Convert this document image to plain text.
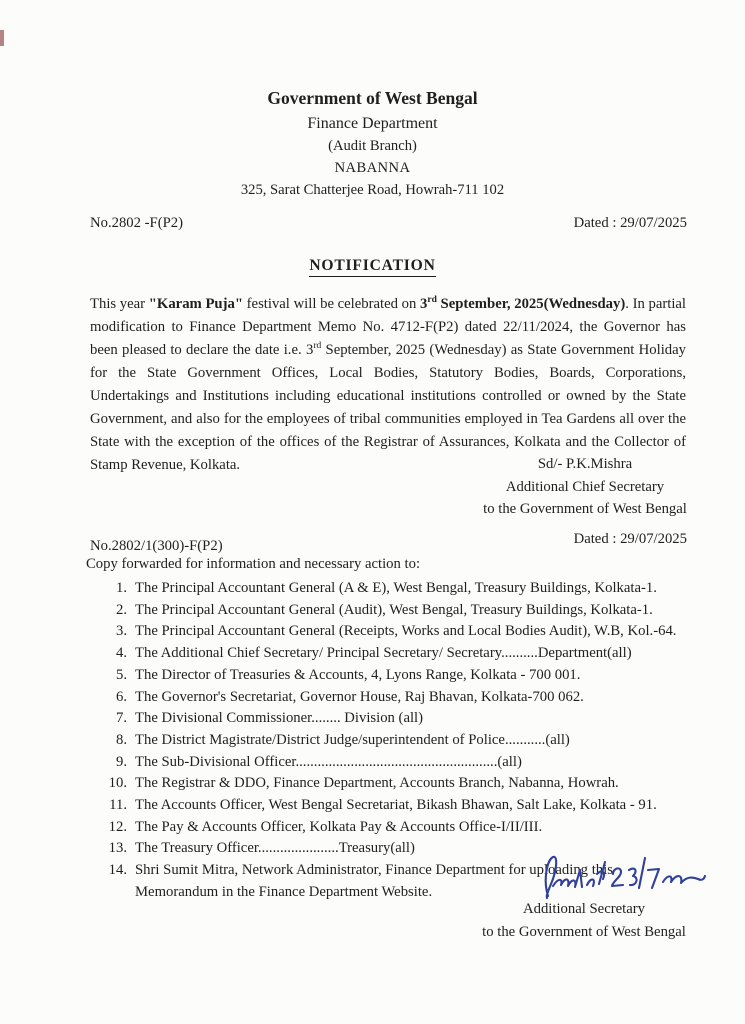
Government of West Bengal
Finance Department
(Audit Branch)
NABANNA
325, Sarat Chatterjee Road, Howrah-711 102
No.2802 -F(P2)	Dated : 29/07/2025
NOTIFICATION

This year "Karam Puja" festival will be celebrated on 3rd September, 2025(Wednesday). In partial modification to Finance Department Memo No. 4712-F(P2) dated 22/11/2024, the Governor has been pleased to declare the date i.e. 3rd September, 2025 (Wednesday) as State Government Holiday for the State Government Offices, Local Bodies, Statutory Bodies, Boards, Corporations, Undertakings and Institutions including educational institutions controlled or owned by the State Government, and also for the employees of tribal communities employed in Tea Gardens all over the State with the exception of the offices of the Registrar of Assurances, Kolkata and the Collector of Stamp Revenue, Kolkata.	Sd/- P.K.Mishra
Additional Chief Secretary
to the Government of West Bengal
No.2802/1(300)-F(P2)	Dated : 29/07/2025
Copy forwarded for information and necessary action to:
The Principal Accountant General (A & E), West Bengal, Treasury Buildings, Kolkata-1.
The Principal Accountant General (Audit), West Bengal, Treasury Buildings, Kolkata-1.
The Principal Accountant General (Receipts, Works and Local Bodies Audit), W.B, Kol.-64.
The Additional Chief Secretary/ Principal Secretary/ Secretary..........Department(all)
The Director of Treasuries & Accounts, 4, Lyons Range, Kolkata - 700 001.
The Governor's Secretariat, Governor House, Raj Bhavan, Kolkata-700 062.
The Divisional Commissioner........ Division (all)
The District Magistrate/District Judge/superintendent of Police...........(all)
The Sub-Divisional Officer.......................................................(all)
The Registrar & DDO, Finance Department, Accounts Branch, Nabanna, Howrah.
The Accounts Officer, West Bengal Secretariat, Bikash Bhawan, Salt Lake, Kolkata - 91.
The Pay & Accounts Officer, Kolkata Pay & Accounts Office-I/II/III.
The Treasury Officer......................Treasury(all)
Shri Sumit Mitra, Network Administrator, Finance Department for uploading this Memorandum in the Finance Department Website.
Additional Secretary
to the Government of West Bengal
